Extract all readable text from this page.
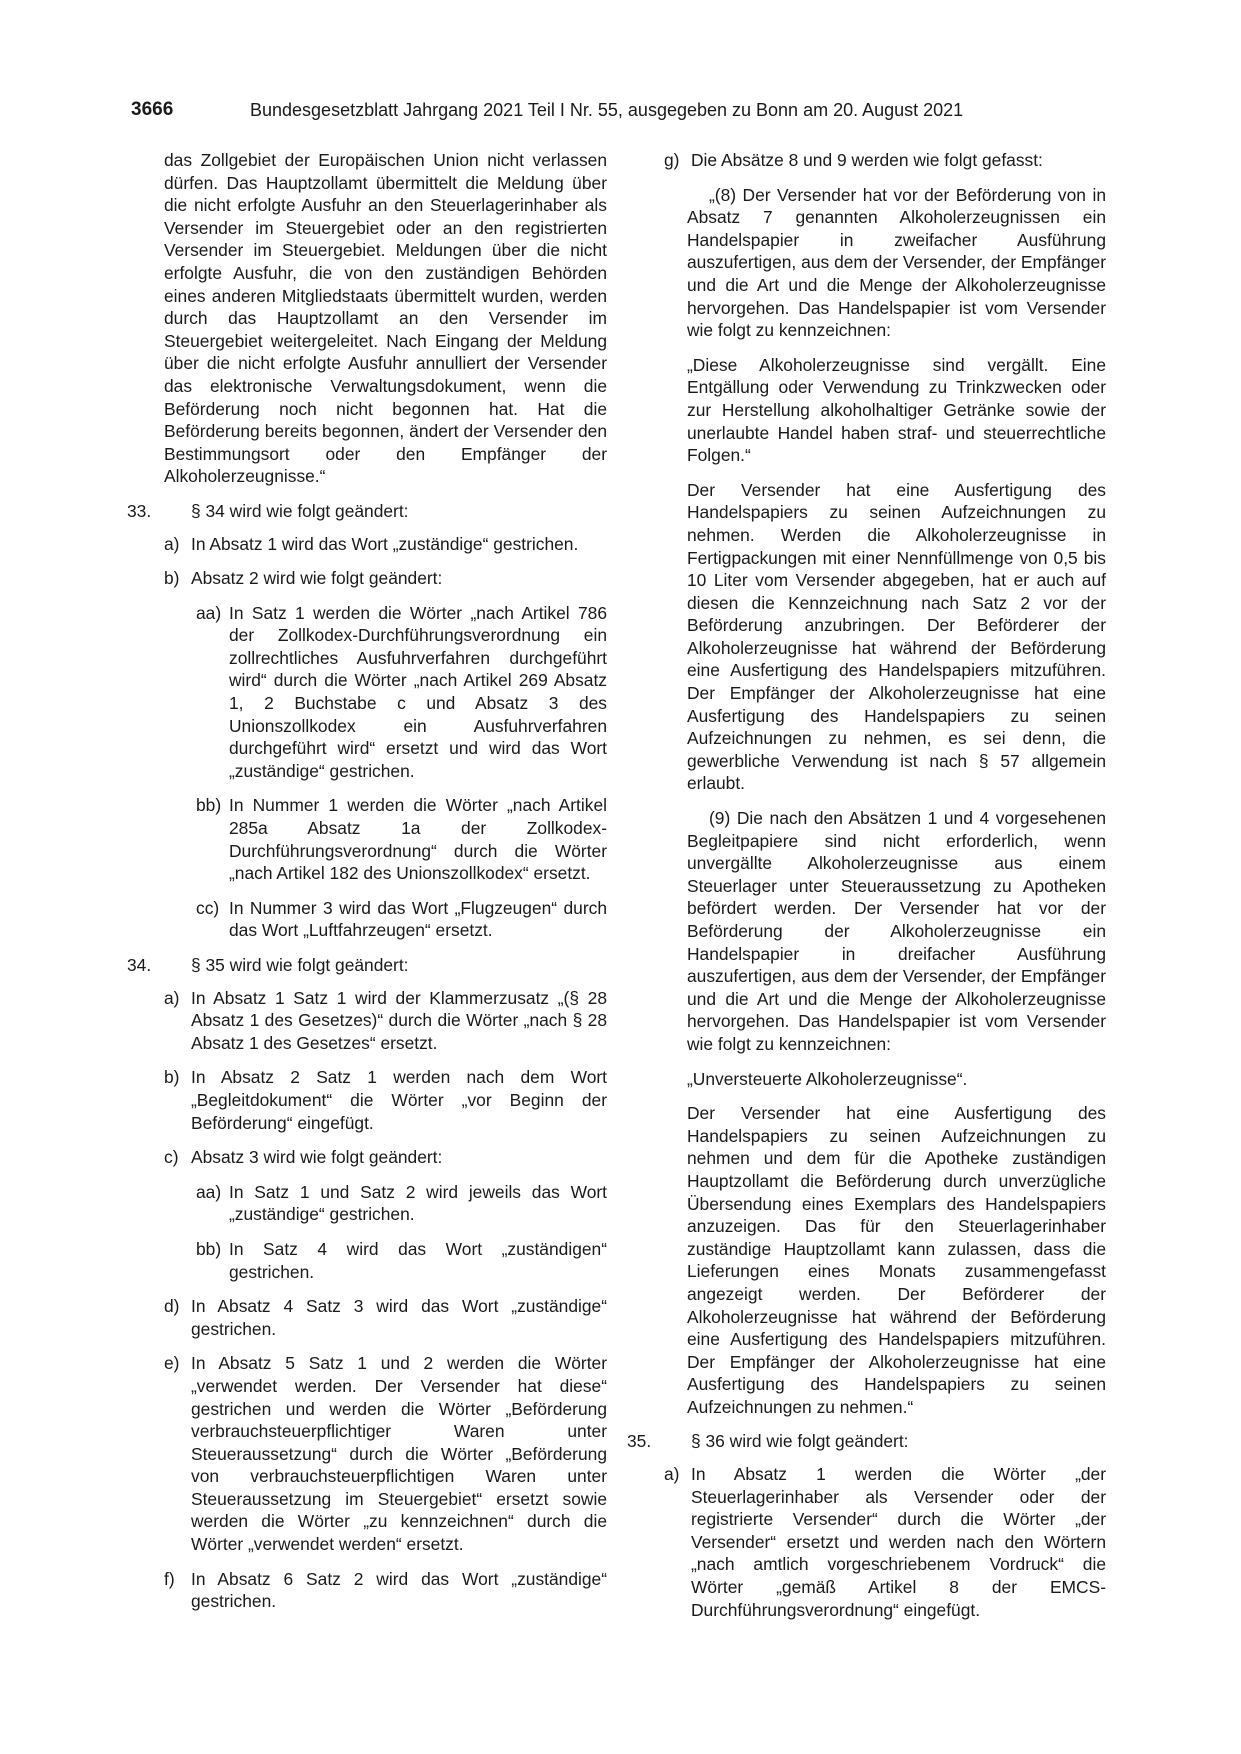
3666	Bundesgesetzblatt Jahrgang 2021 Teil I Nr. 55, ausgegeben zu Bonn am 20. August 2021
das Zollgebiet der Europäischen Union nicht verlassen dürfen. Das Hauptzollamt übermittelt die Meldung über die nicht erfolgte Ausfuhr an den Steuerlagerinhaber als Versender im Steuergebiet oder an den registrierten Versender im Steuergebiet. Meldungen über die nicht erfolgte Ausfuhr, die von den zuständigen Behörden eines anderen Mitgliedstaats übermittelt wurden, werden durch das Hauptzollamt an den Versender im Steuergebiet weitergeleitet. Nach Eingang der Meldung über die nicht erfolgte Ausfuhr annulliert der Versender das elektronische Verwaltungsdokument, wenn die Beförderung noch nicht begonnen hat. Hat die Beförderung bereits begonnen, ändert der Versender den Bestimmungsort oder den Empfänger der Alkoholerzeugnisse.“
33.	§ 34 wird wie folgt geändert:
a) In Absatz 1 wird das Wort „zuständige“ gestrichen.
b) Absatz 2 wird wie folgt geändert:
aa) In Satz 1 werden die Wörter „nach Artikel 786 der Zollkodex-Durchführungsverordnung ein zollrechtliches Ausfuhrverfahren durchgeführt wird“ durch die Wörter „nach Artikel 269 Absatz 1, 2 Buchstabe c und Absatz 3 des Unionszollkodex ein Ausfuhrverfahren durchgeführt wird“ ersetzt und wird das Wort „zuständige“ gestrichen.
bb) In Nummer 1 werden die Wörter „nach Artikel 285a Absatz 1a der Zollkodex-Durchführungsverordnung“ durch die Wörter „nach Artikel 182 des Unionszollkodex“ ersetzt.
cc) In Nummer 3 wird das Wort „Flugzeugen“ durch das Wort „Luftfahrzeugen“ ersetzt.
34.	§ 35 wird wie folgt geändert:
a) In Absatz 1 Satz 1 wird der Klammerzusatz „(§ 28 Absatz 1 des Gesetzes)“ durch die Wörter „nach § 28 Absatz 1 des Gesetzes“ ersetzt.
b) In Absatz 2 Satz 1 werden nach dem Wort „Begleitdokument“ die Wörter „vor Beginn der Beförderung“ eingefügt.
c) Absatz 3 wird wie folgt geändert:
aa) In Satz 1 und Satz 2 wird jeweils das Wort „zuständige“ gestrichen.
bb) In Satz 4 wird das Wort „zuständigen“ gestrichen.
d) In Absatz 4 Satz 3 wird das Wort „zuständige“ gestrichen.
e) In Absatz 5 Satz 1 und 2 werden die Wörter „verwendet werden. Der Versender hat diese“ gestrichen und werden die Wörter „Beförderung verbrauchsteuerpflichtiger Waren unter Steueraussetzung“ durch die Wörter „Beförderung von verbrauchsteuerpflichtigen Waren unter Steueraussetzung im Steuergebiet“ ersetzt sowie werden die Wörter „zu kennzeichnen“ durch die Wörter „verwendet werden“ ersetzt.
f) In Absatz 6 Satz 2 wird das Wort „zuständige“ gestrichen.
g) Die Absätze 8 und 9 werden wie folgt gefasst:
„(8) Der Versender hat vor der Beförderung von in Absatz 7 genannten Alkoholerzeugnissen ein Handelspapier in zweifacher Ausführung auszufertigen, aus dem der Versender, der Empfänger und die Art und die Menge der Alkoholerzeugnisse hervorgehen. Das Handelspapier ist vom Versender wie folgt zu kennzeichnen:
„Diese Alkoholerzeugnisse sind vergällt. Eine Entgällung oder Verwendung zu Trinkzwecken oder zur Herstellung alkoholhaltiger Getränke sowie der unerlaubte Handel haben straf- und steuerrechtliche Folgen.“
Der Versender hat eine Ausfertigung des Handelspapiers zu seinen Aufzeichnungen zu nehmen. Werden die Alkoholerzeugnisse in Fertigpackungen mit einer Nennfüllmenge von 0,5 bis 10 Liter vom Versender abgegeben, hat er auch auf diesen die Kennzeichnung nach Satz 2 vor der Beförderung anzubringen. Der Beförderer der Alkoholerzeugnisse hat während der Beförderung eine Ausfertigung des Handelspapiers mitzuführen. Der Empfänger der Alkoholerzeugnisse hat eine Ausfertigung des Handelspapiers zu seinen Aufzeichnungen zu nehmen, es sei denn, die gewerbliche Verwendung ist nach § 57 allgemein erlaubt.
(9) Die nach den Absätzen 1 und 4 vorgesehenen Begleitpapiere sind nicht erforderlich, wenn unvergällte Alkoholerzeugnisse aus einem Steuerlager unter Steueraussetzung zu Apotheken befördert werden. Der Versender hat vor der Beförderung der Alkoholerzeugnisse ein Handelspapier in dreifacher Ausführung auszufertigen, aus dem der Versender, der Empfänger und die Art und die Menge der Alkoholerzeugnisse hervorgehen. Das Handelspapier ist vom Versender wie folgt zu kennzeichnen:
„Unversteuerte Alkoholerzeugnisse“.
Der Versender hat eine Ausfertigung des Handelspapiers zu seinen Aufzeichnungen zu nehmen und dem für die Apotheke zuständigen Hauptzollamt die Beförderung durch unverzügliche Übersendung eines Exemplars des Handelspapiers anzuzeigen. Das für den Steuerlagerinhaber zuständige Hauptzollamt kann zulassen, dass die Lieferungen eines Monats zusammengefasst angezeigt werden. Der Beförderer der Alkoholerzeugnisse hat während der Beförderung eine Ausfertigung des Handelspapiers mitzuführen. Der Empfänger der Alkoholerzeugnisse hat eine Ausfertigung des Handelspapiers zu seinen Aufzeichnungen zu nehmen.“
35.	§ 36 wird wie folgt geändert:
a) In Absatz 1 werden die Wörter „der Steuerlagerinhaber als Versender oder der registrierte Versender“ durch die Wörter „der Versender“ ersetzt und werden nach den Wörtern „nach amtlich vorgeschriebenem Vordruck“ die Wörter „gemäß Artikel 8 der EMCS-Durchführungsverordnung“ eingefügt.
